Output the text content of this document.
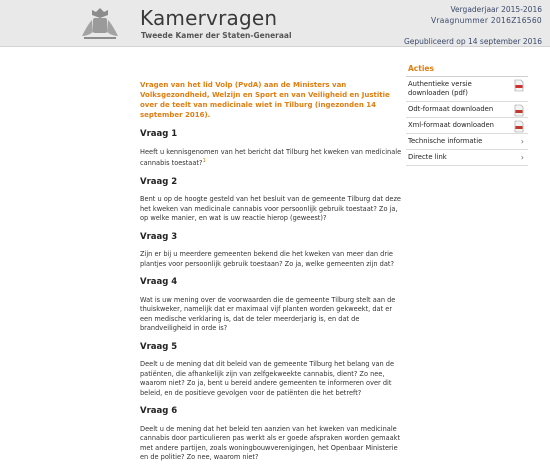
Kamervragen
Tweede Kamer der Staten-Generaal
Vergaderjaar 2015-2016
Vraagnummer 2016Z16560
Gepubliceerd op 14 september 2016
Vragen van het lid Volp (PvdA) aan de Ministers van Volksgezondheid, Welzijn en Sport en van Veiligheid en Justitie over de teelt van medicinale wiet in Tilburg (ingezonden 14 september 2016).
Vraag 1
Heeft u kennisgenomen van het bericht dat Tilburg het kweken van medicinale cannabis toestaat?$^1$
Vraag 2
Bent u op de hoogte gesteld van het besluit van de gemeente Tilburg dat deze het kweken van medicinale cannabis voor persoonlijk gebruik toestaat? Zo ja, op welke manier, en wat is uw reactie hierop (geweest)?
Vraag 3
Zijn er bij u meerdere gemeenten bekend die het kweken van meer dan drie plantjes voor persoonlijk gebruik toestaan? Zo ja, welke gemeenten zijn dat?
Vraag 4
Wat is uw mening over de voorwaarden die de gemeente Tilburg stelt aan de thuiskweker, namelijk dat er maximaal vijf planten worden gekweekt, dat er een medische verklaring is, dat de teler meerderjarig is, en dat de brandveiligheid in orde is?
Vraag 5
Deelt u de mening dat dit beleid van de gemeente Tilburg het belang van de patiënten, die afhankelijk zijn van zelfgekweekte cannabis, dient? Zo nee, waarom niet? Zo ja, bent u bereid andere gemeenten te informeren over dit beleid, en de positieve gevolgen voor de patiënten die het betreft?
Vraag 6
Deelt u de mening dat het beleid ten aanzien van het kweken van medicinale cannabis door particulieren pas werkt als er goede afspraken worden gemaakt met andere partijen, zoals woningbouwverenigingen, het Openbaar Ministerie en de politie? Zo nee, waarom niet?
Acties
Authentieke versie downloaden (pdf)
Odt-formaat downloaden
Xml-formaat downloaden
Technische informatie	›
Directe link	›
